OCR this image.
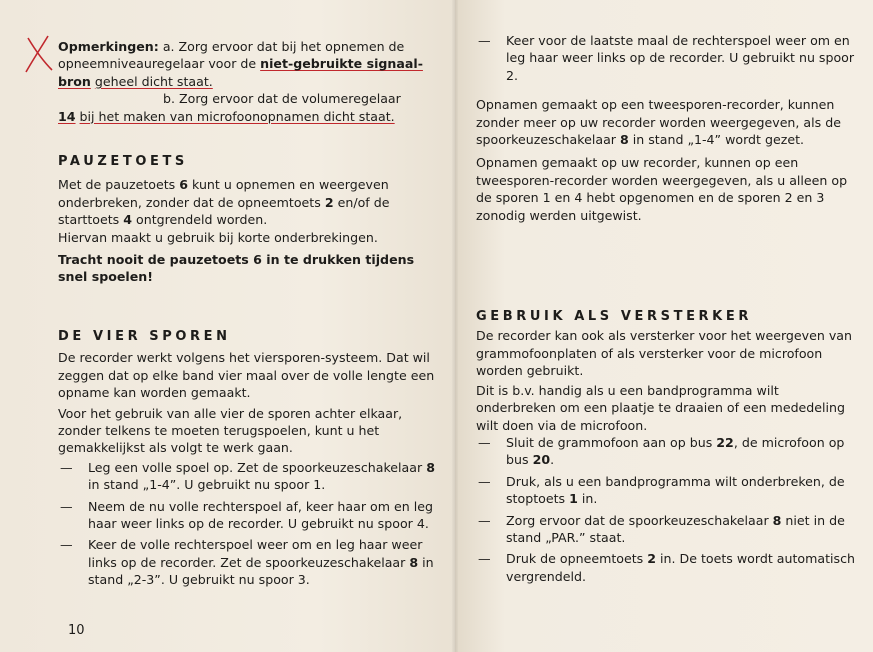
Opmerkingen: a. Zorg ervoor dat bij het opnemen de opneemniveauregelaar voor de niet-gebruikte signaal- bron geheel dicht staat.

b. Zorg ervoor dat de volumeregelaar

14 bij het maken van microfoonopnamen dicht staat.

PAUZETOETS

Met de pauzetoets 6 kunt u opnemen en weergeven onderbreken, zonder dat de opneemtoets 2 en/of de starttoets 4 ontgrendeld worden.

Hiervan maakt u gebruik bij korte onderbrekingen.

Tracht nooit de pauzetoets 6 in te drukken tijdens snel spoelen!

DE VIER SPOREN

De recorder werkt volgens het viersporen-systeem. Dat wil zeggen dat op elke band vier maal over de volle lengte een opname kan worden gemaakt.

Voor het gebruik van alle vier de sporen achter elkaar, zonder telkens te moeten terugspoelen, kunt u het gemakkelijkst als volgt te werk gaan.

— Leg een volle spoel op. Zet de spoorkeuzeschakelaar 8 in stand „1-4”. U gebruikt nu spoor 1.
— Neem de nu volle rechterspoel af, keer haar om en leg haar weer links op de recorder. U gebruikt nu spoor 4.
— Keer de volle rechterspoel weer om en leg haar weer links op de recorder. Zet de spoorkeuzeschakelaar 8 in stand „2-3”. U gebruikt nu spoor 3.
10
— Keer voor de laatste maal de rechterspoel weer om en leg haar weer links op de recorder. U gebruikt nu spoor 2.

Opnamen gemaakt op een tweesporen-recorder, kunnen zonder meer op uw recorder worden weergegeven, als de spoorkeuzeschakelaar 8 in stand „1-4” wordt gezet.

Opnamen gemaakt op uw recorder, kunnen op een tweesporen-recorder worden weergegeven, als u alleen op de sporen 1 en 4 hebt opgenomen en de sporen 2 en 3 zonodig werden uitgewist.

GEBRUIK ALS VERSTERKER

De recorder kan ook als versterker voor het weergeven van grammofoonplaten of als versterker voor de microfoon worden gebruikt.

Dit is b.v. handig als u een bandprogramma wilt onderbreken om een plaatje te draaien of een mededeling wilt doen via de microfoon.

— Sluit de grammofoon aan op bus 22, de microfoon op bus 20.
— Druk, als u een bandprogramma wilt onderbreken, de stoptoets 1 in.
— Zorg ervoor dat de spoorkeuzeschakelaar 8 niet in de stand „PAR.” staat.
— Druk de opneemtoets 2 in. De toets wordt automatisch vergrendeld.
